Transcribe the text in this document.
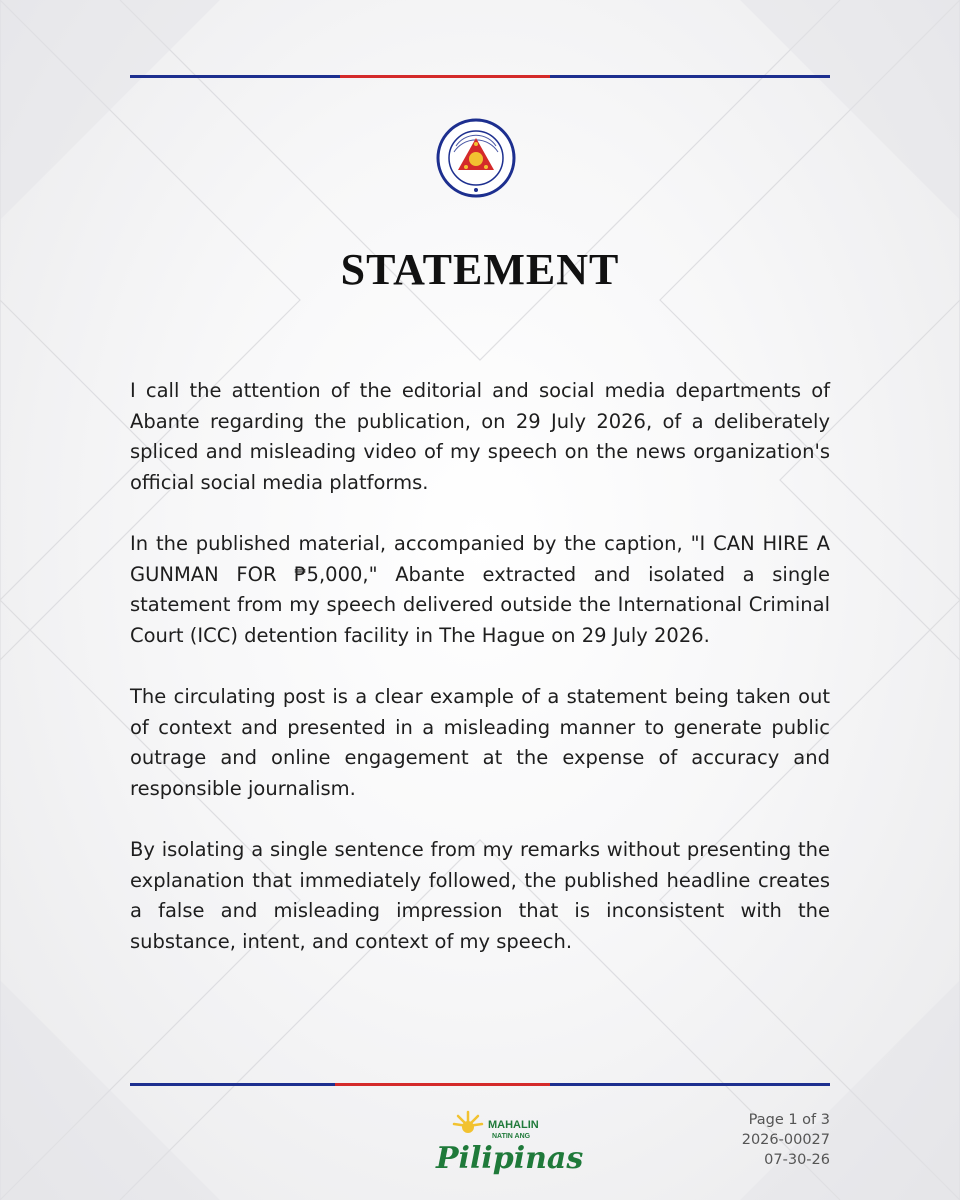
STATEMENT

I call the attention of the editorial and social media departments of Abante regarding the publication, on 29 July 2026, of a deliberately spliced and misleading video of my speech on the news organization's official social media platforms.

In the published material, accompanied by the caption, "I CAN HIRE A GUNMAN FOR ₱5,000," Abante extracted and isolated a single statement from my speech delivered outside the International Criminal Court (ICC) detention facility in The Hague on 29 July 2026.

The circulating post is a clear example of a statement being taken out of context and presented in a misleading manner to generate public outrage and online engagement at the expense of accuracy and responsible journalism.

By isolating a single sentence from my remarks without presenting the explanation that immediately followed, the published headline creates a false and misleading impression that is inconsistent with the substance, intent, and context of my speech.

MAHALIN
NATIN ANG
Pilipinas
Page 1 of 3
2026-00027
07-30-26
